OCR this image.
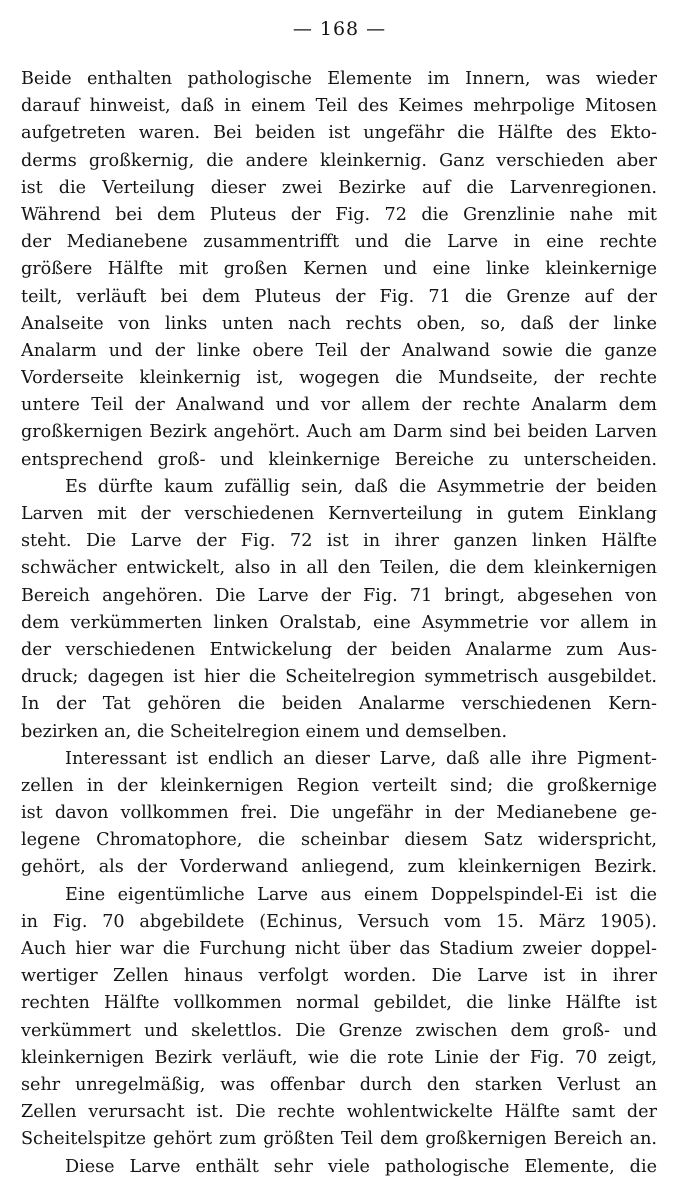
— 168 —
Beide enthalten pathologische Elemente im Innern, was wieder
darauf hinweist, daß in einem Teil des Keimes mehrpolige Mitosen
aufgetreten waren. Bei beiden ist ungefähr die Hälfte des Ekto-
derms großkernig, die andere kleinkernig. Ganz verschieden aber
ist die Verteilung dieser zwei Bezirke auf die Larvenregionen.
Während bei dem Pluteus der Fig. 72 die Grenzlinie nahe mit
der Medianebene zusammentrifft und die Larve in eine rechte
größere Hälfte mit großen Kernen und eine linke kleinkernige
teilt, verläuft bei dem Pluteus der Fig. 71 die Grenze auf der
Analseite von links unten nach rechts oben, so, daß der linke
Analarm und der linke obere Teil der Analwand sowie die ganze
Vorderseite kleinkernig ist, wogegen die Mundseite, der rechte
untere Teil der Analwand und vor allem der rechte Analarm dem
großkernigen Bezirk angehört. Auch am Darm sind bei beiden Larven
entsprechend groß- und kleinkernige Bereiche zu unterscheiden.
Es dürfte kaum zufällig sein, daß die Asymmetrie der beiden
Larven mit der verschiedenen Kernverteilung in gutem Einklang
steht. Die Larve der Fig. 72 ist in ihrer ganzen linken Hälfte
schwächer entwickelt, also in all den Teilen, die dem kleinkernigen
Bereich angehören. Die Larve der Fig. 71 bringt, abgesehen von
dem verkümmerten linken Oralstab, eine Asymmetrie vor allem in
der verschiedenen Entwickelung der beiden Analarme zum Aus-
druck; dagegen ist hier die Scheitelregion symmetrisch ausgebildet.
In der Tat gehören die beiden Analarme verschiedenen Kern-
bezirken an, die Scheitelregion einem und demselben.
Interessant ist endlich an dieser Larve, daß alle ihre Pigment-
zellen in der kleinkernigen Region verteilt sind; die großkernige
ist davon vollkommen frei. Die ungefähr in der Medianebene ge-
legene Chromatophore, die scheinbar diesem Satz widerspricht,
gehört, als der Vorderwand anliegend, zum kleinkernigen Bezirk.
Eine eigentümliche Larve aus einem Doppelspindel-Ei ist die
in Fig. 70 abgebildete (Echinus, Versuch vom 15. März 1905).
Auch hier war die Furchung nicht über das Stadium zweier doppel-
wertiger Zellen hinaus verfolgt worden. Die Larve ist in ihrer
rechten Hälfte vollkommen normal gebildet, die linke Hälfte ist
verkümmert und skelettlos. Die Grenze zwischen dem groß- und
kleinkernigen Bezirk verläuft, wie die rote Linie der Fig. 70 zeigt,
sehr unregelmäßig, was offenbar durch den starken Verlust an
Zellen verursacht ist. Die rechte wohlentwickelte Hälfte samt der
Scheitelspitze gehört zum größten Teil dem großkernigen Bereich an.
Diese Larve enthält sehr viele pathologische Elemente, die
